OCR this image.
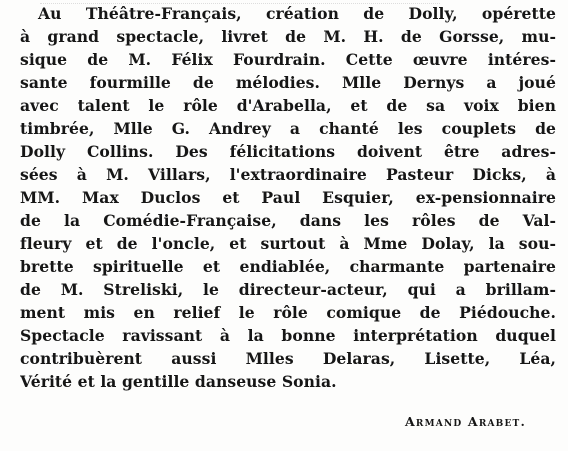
Au Théâtre-Français, création de Dolly, opérette
à grand spectacle, livret de M. H. de Gorsse, mu-
sique de M. Félix Fourdrain. Cette œuvre intéres-
sante fourmille de mélodies. Mlle Dernys a joué
avec talent le rôle d'Arabella, et de sa voix bien
timbrée, Mlle G. Andrey a chanté les couplets de
Dolly Collins. Des félicitations doivent être adres-
sées à M. Villars, l'extraordinaire Pasteur Dicks, à
MM. Max Duclos et Paul Esquier, ex-pensionnaire
de la Comédie-Française, dans les rôles de Val-
fleury et de l'oncle, et surtout à Mme Dolay, la sou-
brette spirituelle et endiablée, charmante partenaire
de M. Streliski, le directeur-acteur, qui a brillam-
ment mis en relief le rôle comique de Piédouche.
Spectacle ravissant à la bonne interprétation duquel
contribuèrent aussi Mlles Delaras, Lisette, Léa,
Vérité et la gentille danseuse Sonia.
Armand Arabet.
